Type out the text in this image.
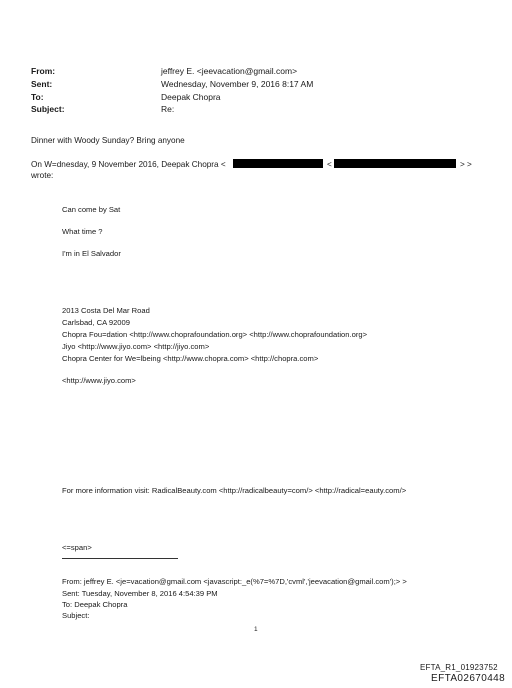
From:	jeffrey E. <jeevacation@gmail.com>
Sent:	Wednesday, November 9, 2016 8:17 AM
To:	Deepak Chopra
Subject:	Re:
Dinner with Woody Sunday? Bring anyone
On W=dnesday, 9 November 2016, Deepak Chopra <	<	> >
wrote:
Can come by Sat
What time ?
I'm in El Salvador
2013 Costa Del Mar Road
Carlsbad, CA 92009
Chopra Fou=dation <http://www.choprafoundation.org> <http://www.choprafoundation.org>
Jiyo <http://www.jiyo.com> <http://jiyo.com>
Chopra Center for We=lbeing <http://www.chopra.com> <http://chopra.com>
<http://www.jiyo.com>
For more information visit: RadicalBeauty.com <http://radicalbeauty=com/> <http://radical=eauty.com/>
<=span>
From: jeffrey E. <je=vacation@gmail.com <javascript:_e(%7=%7D,'cvml','jeevacation@gmail.com');> >
Sent: Tuesday, November 8, 2016 4:54:39 PM
To: Deepak Chopra
Subject:
1
EFTA_R1_01923752
EFTA02670448
